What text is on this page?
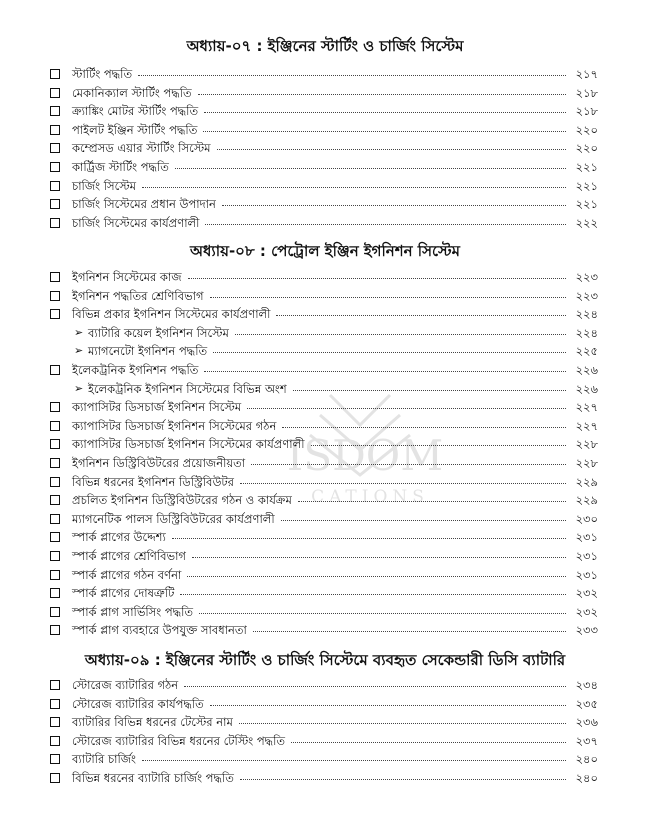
ISDOM
CATIONS
অধ্যায়-০৭ : ইঞ্জিনের স্টার্টিং ও চার্জিং সিস্টেম
স্টার্টিং পদ্ধতি	২১৭
মেকানিক্যাল স্টার্টিং পদ্ধতি	২১৮
ক্র্যাঙ্কিং মোটর স্টার্টিং পদ্ধতি	২১৮
পাইলট ইঞ্জিন স্টার্টিং পদ্ধতি	২২০
কম্প্রেসড এয়ার স্টার্টিং সিস্টেম	২২০
কার্ট্রিজ স্টার্টিং পদ্ধতি	২২১
চার্জিং সিস্টেম	২২১
চার্জিং সিস্টেমের প্রধান উপাদান	২২১
চার্জিং সিস্টেমের কার্যপ্রণালী	২২২
অধ্যায়-০৮ : পেট্রোল ইঞ্জিন ইগনিশন সিস্টেম
ইগনিশন সিস্টেমের কাজ	২২৩
ইগনিশন পদ্ধতির শ্রেণিবিভাগ	২২৩
বিভিন্ন প্রকার ইগনিশন সিস্টেমের কার্যপ্রণালী	২২৪
➢ ব্যাটারি কয়েল ইগনিশন সিস্টেম	২২৪
➢ ম্যাগনেটো ইগনিশন পদ্ধতি	২২৫
ইলেকট্রনিক ইগনিশন পদ্ধতি	২২৬
➢ ইলেকট্রনিক ইগনিশন সিস্টেমের বিভিন্ন অংশ	২২৬
ক্যাপাসিটর ডিসচার্জ ইগনিশন সিস্টেম	২২৭
ক্যাপাসিটর ডিসচার্জ ইগনিশন সিস্টেমের গঠন	২২৭
ক্যাপাসিটর ডিসচার্জ ইগনিশন সিস্টেমের কার্যপ্রণালী	২২৮
ইগনিশন ডিস্ট্রিবিউটরের প্রয়োজনীয়তা	২২৮
বিভিন্ন ধরনের ইগনিশন ডিস্ট্রিবিউটর	২২৯
প্রচলিত ইগনিশন ডিস্ট্রিবিউটরের গঠন ও কার্যক্রম	২২৯
ম্যাগনেটিক পালস ডিস্ট্রিবিউটরের কার্যপ্রণালী	২৩০
স্পার্ক প্লাগের উদ্দেশ্য	২৩১
স্পার্ক প্লাগের শ্রেণিবিভাগ	২৩১
স্পার্ক প্লাগের গঠন বর্ণনা	২৩১
স্পার্ক প্লাগের দোষত্রুটি	২৩২
স্পার্ক প্লাগ সার্ভিসিং পদ্ধতি	২৩২
স্পার্ক প্লাগ ব্যবহারে উপযুক্ত সাবধানতা	২৩৩
অধ্যায়-০৯ : ইঞ্জিনের স্টার্টিং ও চার্জিং সিস্টেমে ব্যবহৃত সেকেন্ডারী ডিসি ব্যাটারি
স্টোরেজ ব্যাটারির গঠন	২৩৪
স্টোরেজ ব্যাটারির কার্যপদ্ধতি	২৩৫
ব্যাটারির বিভিন্ন ধরনের টেস্টের নাম	২৩৬
স্টোরেজ ব্যাটারির বিভিন্ন ধরনের টেস্টিং পদ্ধতি	২৩৭
ব্যাটারি চার্জিং	২৪০
বিভিন্ন ধরনের ব্যাটারি চার্জিং পদ্ধতি	২৪০
